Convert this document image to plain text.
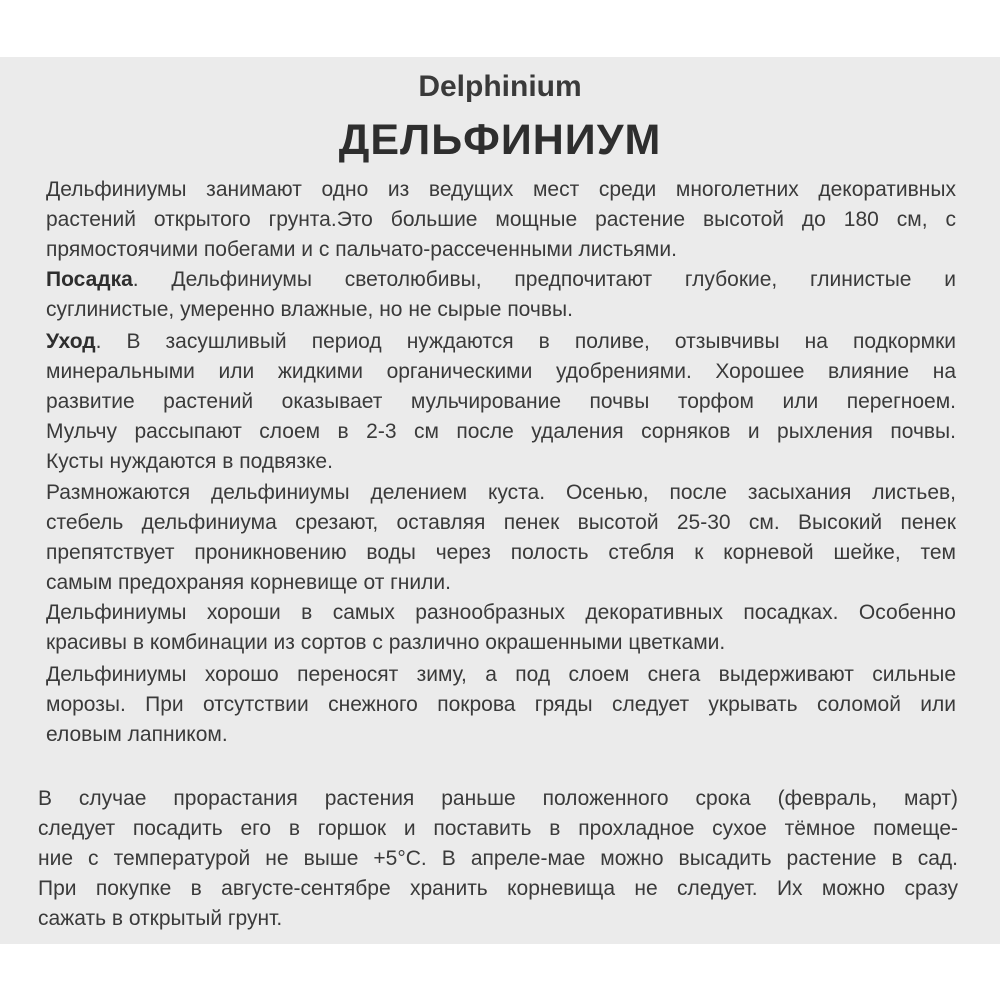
Delphinium
ДЕЛЬФИНИУМ
Дельфиниумы занимают одно из ведущих мест среди многолетних декоративных
растений открытого грунта.Это большие мощные растение высотой до 180 см, с
прямостоячими побегами и с пальчато-рассеченными листьями.
Посадка. Дельфиниумы светолюбивы, предпочитают глубокие, глинистые и
суглинистые, умеренно влажные, но не сырые почвы.
Уход. В засушливый период нуждаются в поливе, отзывчивы на подкормки
минеральными или жидкими органическими удобрениями. Хорошее влияние на
развитие растений оказывает мульчирование почвы торфом или перегноем.
Мульчу рассыпают слоем в 2-3 см после удаления сорняков и рыхления почвы.
Кусты нуждаются в подвязке.
Размножаются дельфиниумы делением куста. Осенью, после засыхания листьев,
стебель дельфиниума срезают, оставляя пенек высотой 25-30 см. Высокий пенек
препятствует проникновению воды через полость стебля к корневой шейке, тем
самым предохраняя корневище от гнили.
Дельфиниумы хороши в самых разнообразных декоративных посадках. Особенно
красивы в комбинации из сортов с различно окрашенными цветками.
Дельфиниумы хорошо переносят зиму, а под слоем снега выдерживают сильные
морозы. При отсутствии снежного покрова гряды следует укрывать соломой или
еловым лапником.
В случае прорастания растения раньше положенного срока (февраль, март)
следует посадить его в горшок и поставить в прохладное сухое тёмное помеще-
ние с температурой не выше +5°С. В апреле-мае можно высадить растение в сад.
При покупке в августе-сентябре хранить корневища не следует. Их можно сразу
сажать в открытый грунт.
